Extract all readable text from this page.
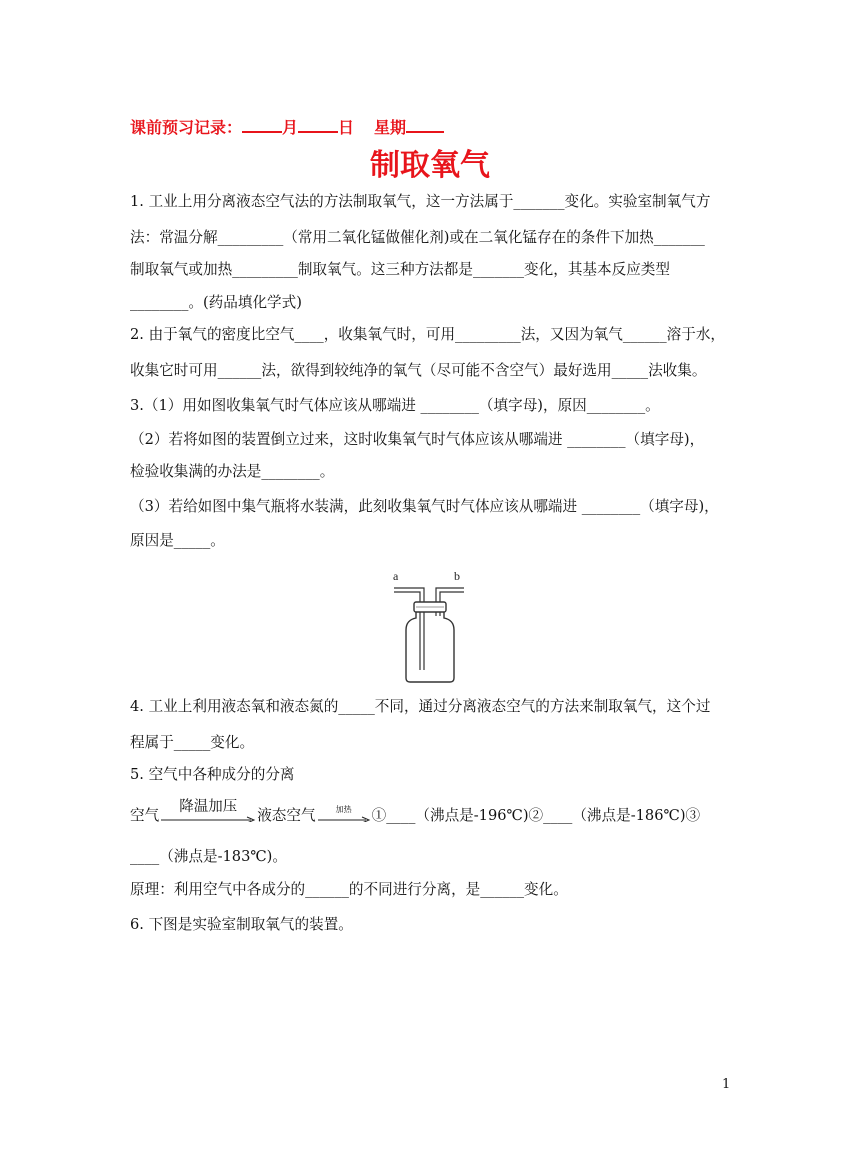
课前预习记录：	月	日 星期
制取氧气
1. 工业上用分离液态空气法的方法制取氧气，这一方法属于_______变化。实验室制氧气方
法：常温分解_________（常用二氧化锰做催化剂)或在二氧化锰存在的条件下加热_______
制取氧气或加热_________制取氧气。这三种方法都是_______变化，其基本反应类型
________。(药品填化学式)
2. 由于氧气的密度比空气____，收集氧气时，可用_________法，又因为氧气______溶于水，
收集它时可用______法，欲得到较纯净的氧气（尽可能不含空气）最好选用_____法收集。
3.（1）用如图收集氧气时气体应该从哪端进 ________（填字母)，原因________。
（2）若将如图的装置倒立过来，这时收集氧气时气体应该从哪端进 ________（填字母)，
检验收集满的办法是________。
（3）若给如图中集气瓶将水装满，此刻收集氧气时气体应该从哪端进 ________（填字母)，
原因是_____。
a	b
4. 工业上利用液态氧和液态氮的_____不同，通过分离液态空气的方法来制取氧气，这个过
程属于_____变化。
5. 空气中各种成分的分离
空气	降温加压	液态空气	加热	①____（沸点是-196℃)②____（沸点是-186℃)③
____（沸点是-183℃)。
原理：利用空气中各成分的______的不同进行分离，是______变化。
6. 下图是实验室制取氧气的装置。
1
